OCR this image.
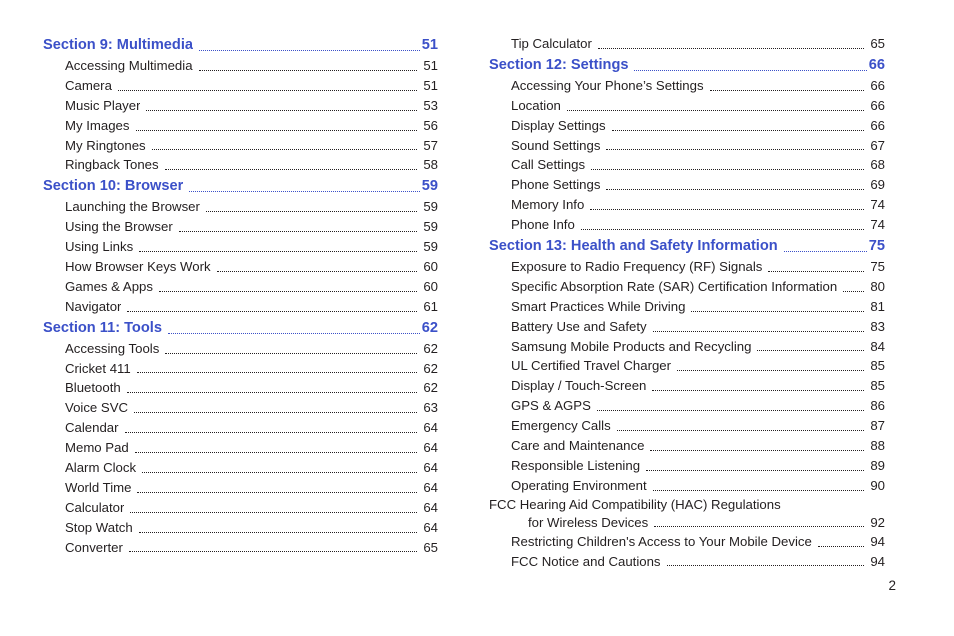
Section 9: Multimedia	51
Accessing Multimedia	51
Camera	51
Music Player	53
My Images	56
My Ringtones	57
Ringback Tones	58
Section 10: Browser	59
Launching the Browser	59
Using the Browser	59
Using Links	59
How Browser Keys Work	60
Games & Apps	60
Navigator	61
Section 11: Tools	62
Accessing Tools	62
Cricket 411	62
Bluetooth	62
Voice SVC	63
Calendar	64
Memo Pad	64
Alarm Clock	64
World Time	64
Calculator	64
Stop Watch	64
Converter	65
Tip Calculator	65
Section 12: Settings	66
Accessing Your Phone’s Settings	66
Location	66
Display Settings	66
Sound Settings	67
Call Settings	68
Phone Settings	69
Memory Info	74
Phone Info	74
Section 13: Health and Safety Information	75
Exposure to Radio Frequency (RF) Signals	75
Specific Absorption Rate (SAR) Certification Information	80
Smart Practices While Driving	81
Battery Use and Safety	83
Samsung Mobile Products and Recycling	84
UL Certified Travel Charger	85
Display / Touch-Screen	85
GPS & AGPS	86
Emergency Calls	87
Care and Maintenance	88
Responsible Listening	89
Operating Environment	90
FCC Hearing Aid Compatibility (HAC) Regulations
for Wireless Devices	92
Restricting Children's Access to Your Mobile Device	94
FCC Notice and Cautions	94
2
